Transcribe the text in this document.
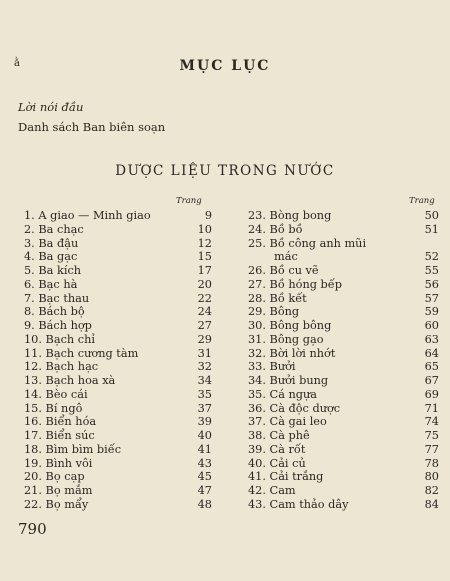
ằ	MỤC LỤC
Lời nói đầu
Danh sách Ban biên soạn
DƯỢC LIỆU TRONG NƯỚC
Trang	Trang
1. A giao — Minh giao	9
2. Ba chạc	10
3. Ba đậu	12
4. Ba gạc	15
5. Ba kích	17
6. Bạc hà	20
7. Bạc thau	22
8. Bách bộ	24
9. Bách hợp	27
10. Bạch chỉ	29
11. Bạch cương tàm	31
12. Bạch hạc	32
13. Bạch hoa xà	34
14. Bèo cái	35
15. Bí ngô	37
16. Biển hóa	39
17. Biển súc	40
18. Bìm bìm biếc	41
19. Bình vôi	43
20. Bọ cạp	45
21. Bọ mắm	47
22. Bọ mẩy	48
23. Bòng bong	50
24. Bồ bồ	51
25. Bồ công anh mũi
mác	52
26. Bồ cu vẽ	55
27. Bồ hóng bếp	56
28. Bồ kết	57
29. Bông	59
30. Bông bông	60
31. Bông gạo	63
32. Bời lời nhớt	64
33. Bưởi	65
34. Bưởi bung	67
35. Cá ngựa	69
36. Cà độc dược	71
37. Cà gai leo	74
38. Cà phê	75
39. Cà rốt	77
40. Cải củ	78
41. Cải trắng	80
42. Cam	82
43. Cam thảo dây	84
790
